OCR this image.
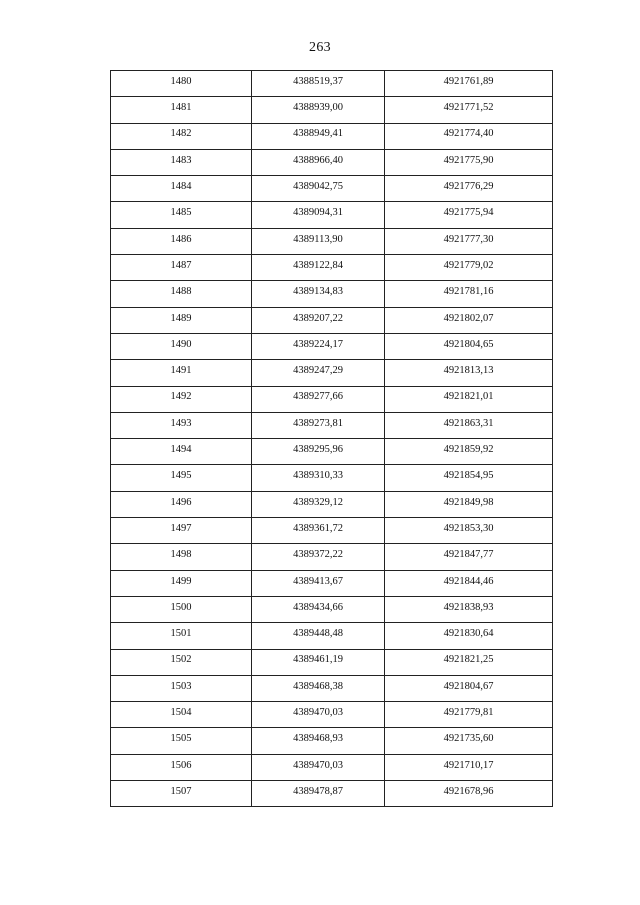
263
1480	4388519,37	4921761,89
1481	4388939,00	4921771,52
1482	4388949,41	4921774,40
1483	4388966,40	4921775,90
1484	4389042,75	4921776,29
1485	4389094,31	4921775,94
1486	4389113,90	4921777,30
1487	4389122,84	4921779,02
1488	4389134,83	4921781,16
1489	4389207,22	4921802,07
1490	4389224,17	4921804,65
1491	4389247,29	4921813,13
1492	4389277,66	4921821,01
1493	4389273,81	4921863,31
1494	4389295,96	4921859,92
1495	4389310,33	4921854,95
1496	4389329,12	4921849,98
1497	4389361,72	4921853,30
1498	4389372,22	4921847,77
1499	4389413,67	4921844,46
1500	4389434,66	4921838,93
1501	4389448,48	4921830,64
1502	4389461,19	4921821,25
1503	4389468,38	4921804,67
1504	4389470,03	4921779,81
1505	4389468,93	4921735,60
1506	4389470,03	4921710,17
1507	4389478,87	4921678,96
